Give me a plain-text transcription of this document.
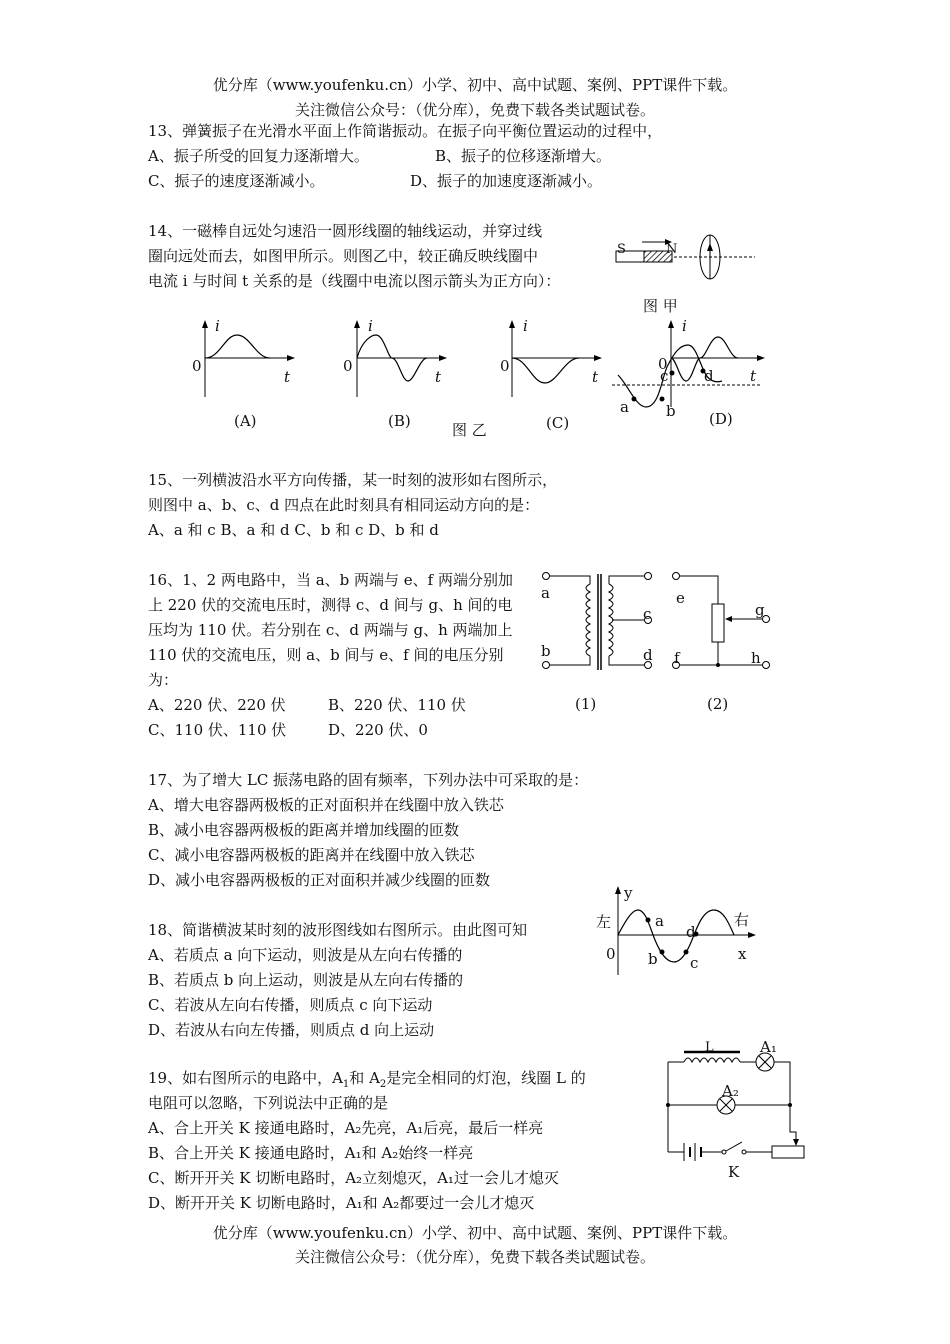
优分库（www.youfenku.cn）小学、初中、高中试题、案例、PPT课件下载。
关注微信公众号：（优分库），免费下载各类试题试卷。
13、弹簧振子在光滑水平面上作简谐振动。在振子向平衡位置运动的过程中，
A、振子所受的回复力逐渐增大。	B、振子的位移逐渐增大。
C、振子的速度逐渐减小。	D、振子的加速度逐渐减小。
14、一磁棒自远处匀速沿一圆形线圈的轴线运动，并穿过线
圈向远处而去，如图甲所示。则图乙中，较正确反映线圈中
电流 i 与时间 t 关系的是（线圈中电流以图示箭头为正方向）：
S	N
图 甲
i
0
t
(A)
i
0
t
(B)
i
0
t
(C)
i
0
t
a b
c d
(D)
图 乙
15、一列横波沿水平方向传播，某一时刻的波形如右图所示，
则图中 a、b、c、d 四点在此时刻具有相同运动方向的是：
A、a 和 c B、a 和 d C、b 和 c D、b 和 d
16、1、2 两电路中，当 a、b 两端与 e、f 两端分别加
上 220 伏的交流电压时，测得 c、d 间与 g、h 间的电
压均为 110 伏。若分别在 c、d 两端与 g、h 两端加上
110 伏的交流电压，则 a、b 间与 e、f 间的电压分别
为：
A、220 伏、220 伏	B、220 伏、110 伏
C、110 伏、110 伏	D、220 伏、0
a
b
c
d
(1)
e
f
g
h
(2)
17、为了增大 LC 振荡电路的固有频率，下列办法中可采取的是：
A、增大电容器两极板的正对面积并在线圈中放入铁芯
B、减小电容器两极板的距离并增加线圈的匝数
C、减小电容器两极板的距离并在线圈中放入铁芯
D、减小电容器两极板的正对面积并减少线圈的匝数
18、简谐横波某时刻的波形图线如右图所示。由此图可知
A、若质点 a 向下运动，则波是从左向右传播的
B、若质点 b 向上运动，则波是从左向右传播的
C、若波从左向右传播，则质点 c 向下运动
D、若波从右向左传播，则质点 d 向上运动
y
左	右
0	x
a
b c
d
19、如右图所示的电路中，$A_1$和 $A_2$是完全相同的灯泡，线圈 L 的
电阻可以忽略，下列说法中正确的是
A、合上开关 K 接通电路时，A₂先亮，A₁后亮，最后一样亮
B、合上开关 K 接通电路时，A₁和 A₂始终一样亮
C、断开开关 K 切断电路时，A₂立刻熄灭，A₁过一会儿才熄灭
D、断开开关 K 切断电路时，A₁和 A₂都要过一会儿才熄灭
L	A₁
A₂
K
优分库（www.youfenku.cn）小学、初中、高中试题、案例、PPT课件下载。
关注微信公众号：（优分库），免费下载各类试题试卷。
